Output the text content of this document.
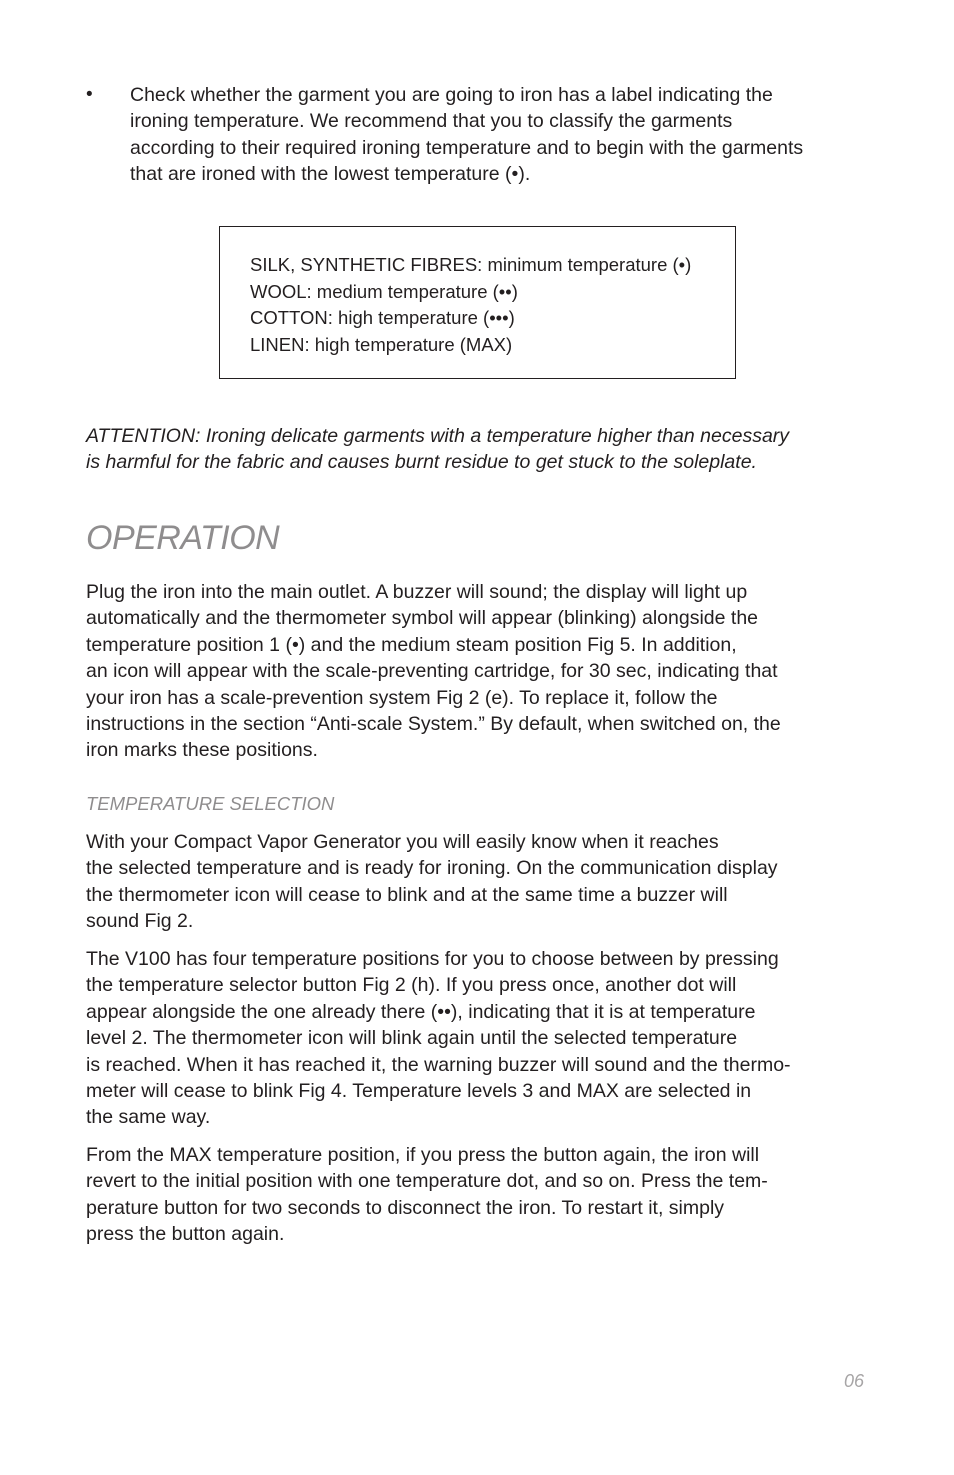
• Check whether the garment you are going to iron has a label indicating the
ironing temperature. We recommend that you to classify the garments
according to their required ironing temperature and to begin with the garments
that are ironed with the lowest temperature (•).
SILK, SYNTHETIC FIBRES: minimum temperature (•)
WOOL: medium temperature (••)
COTTON: high temperature (•••)
LINEN: high temperature (MAX)
ATTENTION: Ironing delicate garments with a temperature higher than necessary
is harmful for the fabric and causes burnt residue to get stuck to the soleplate.
OPERATION
Plug the iron into the main outlet. A buzzer will sound; the display will light up
automatically and the thermometer symbol will appear (blinking) alongside the
temperature position 1 (•) and the medium steam position Fig 5. In addition,
an icon will appear with the scale-preventing cartridge, for 30 sec, indicating that
your iron has a scale-prevention system Fig 2 (e). To replace it, follow the
instructions in the section “Anti-scale System.” By default, when switched on, the
iron marks these positions.
TEMPERATURE SELECTION
With your Compact Vapor Generator you will easily know when it reaches
the selected temperature and is ready for ironing. On the communication display
the thermometer icon will cease to blink and at the same time a buzzer will
sound Fig 2.
The V100 has four temperature positions for you to choose between by pressing
the temperature selector button Fig 2 (h). If you press once, another dot will
appear alongside the one already there (••), indicating that it is at temperature
level 2. The thermometer icon will blink again until the selected temperature
is reached. When it has reached it, the warning buzzer will sound and the thermo-
meter will cease to blink Fig 4. Temperature levels 3 and MAX are selected in
the same way.
From the MAX temperature position, if you press the button again, the iron will
revert to the initial position with one temperature dot, and so on. Press the tem-
perature button for two seconds to disconnect the iron. To restart it, simply
press the button again.
06
